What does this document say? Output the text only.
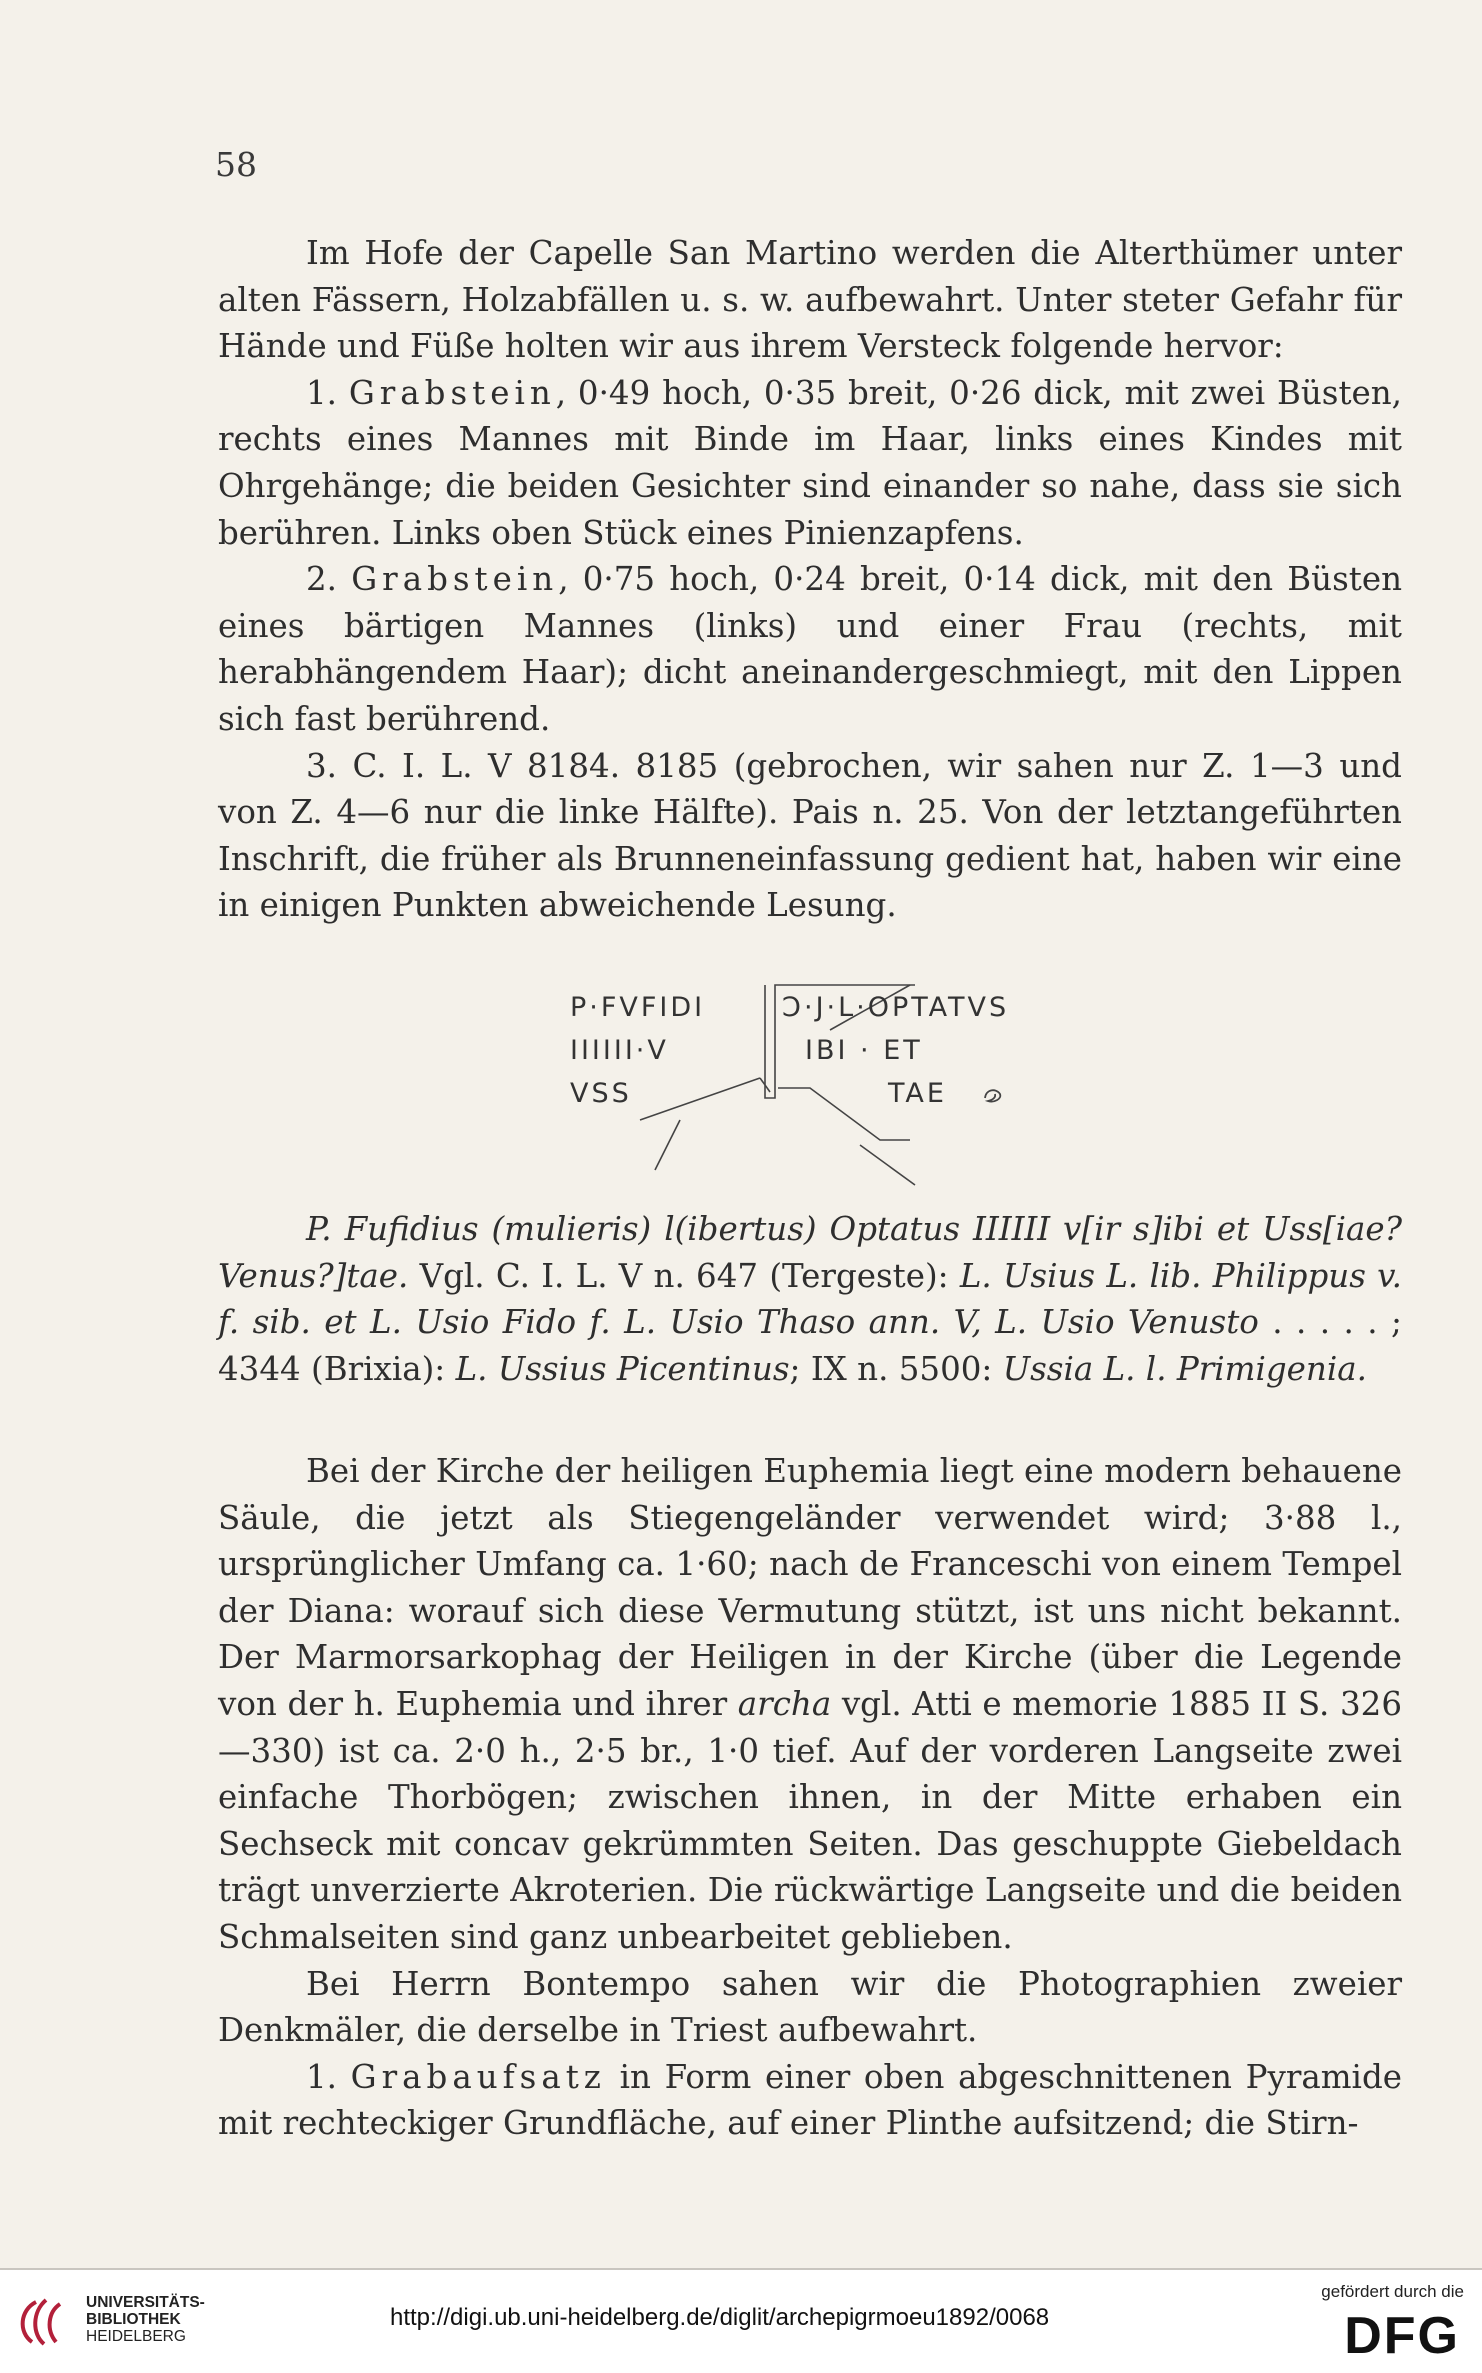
58

Im Hofe der Capelle San Martino werden die Alterthümer unter alten Fässern, Holzabfällen u. s. w. aufbewahrt. Unter steter Gefahr für Hände und Füße holten wir aus ihrem Versteck folgende hervor:

1. Grabstein, 0·49 hoch, 0·35 breit, 0·26 dick, mit zwei Büsten, rechts eines Mannes mit Binde im Haar, links eines Kindes mit Ohrgehänge; die beiden Gesichter sind einander so nahe, dass sie sich berühren. Links oben Stück eines Pinienzapfens.

2. Grabstein, 0·75 hoch, 0·24 breit, 0·14 dick, mit den Büsten eines bärtigen Mannes (links) und einer Frau (rechts, mit herabhängendem Haar); dicht aneinandergeschmiegt, mit den Lippen sich fast berührend.

3. C. I. L. V 8184. 8185 (gebrochen, wir sahen nur Z. 1—3 und von Z. 4—6 nur die linke Hälfte). Pais n. 25. Von der letztangeführten Inschrift, die früher als Brunneneinfassung gedient hat, haben wir eine in einigen Punkten abweichende Lesung.

P·FVFIDI	Ɔ·J·L·OPTATVS
IIIIII·V	IBI · ET
VSS	TAE

P. Fufidius (mulieris) l(ibertus) Optatus IIIIII v[ir s]ibi et Uss[iae? Venus?]tae. Vgl. C. I. L. V n. 647 (Tergeste): L. Usius L. lib. Philippus v. f. sib. et L. Usio Fido f. L. Usio Thaso ann. V, L. Usio Venusto . . . . . ; 4344 (Brixia): L. Ussius Picentinus; IX n. 5500: Ussia L. l. Primigenia.

Bei der Kirche der heiligen Euphemia liegt eine modern behauene Säule, die jetzt als Stiegengeländer verwendet wird; 3·88 l., ursprünglicher Umfang ca. 1·60; nach de Franceschi von einem Tempel der Diana: worauf sich diese Vermutung stützt, ist uns nicht bekannt. Der Marmorsarkophag der Heiligen in der Kirche (über die Legende von der h. Euphemia und ihrer archa vgl. Atti e memorie 1885 II S. 326—330) ist ca. 2·0 h., 2·5 br., 1·0 tief. Auf der vorderen Langseite zwei einfache Thorbögen; zwischen ihnen, in der Mitte erhaben ein Sechseck mit concav gekrümmten Seiten. Das geschuppte Giebeldach trägt unverzierte Akroterien. Die rückwärtige Langseite und die beiden Schmalseiten sind ganz unbearbeitet geblieben.

Bei Herrn Bontempo sahen wir die Photographien zweier Denkmäler, die derselbe in Triest aufbewahrt.

1. Grabaufsatz in Form einer oben abgeschnittenen Pyramide mit rechteckiger Grundfläche, auf einer Plinthe aufsitzend; die Stirn-

UNIVERSITÄTS-
BIBLIOTHEK
HEIDELBERG
http://digi.ub.uni-heidelberg.de/diglit/archepigrmoeu1892/0068
gefördert durch die
DFG
